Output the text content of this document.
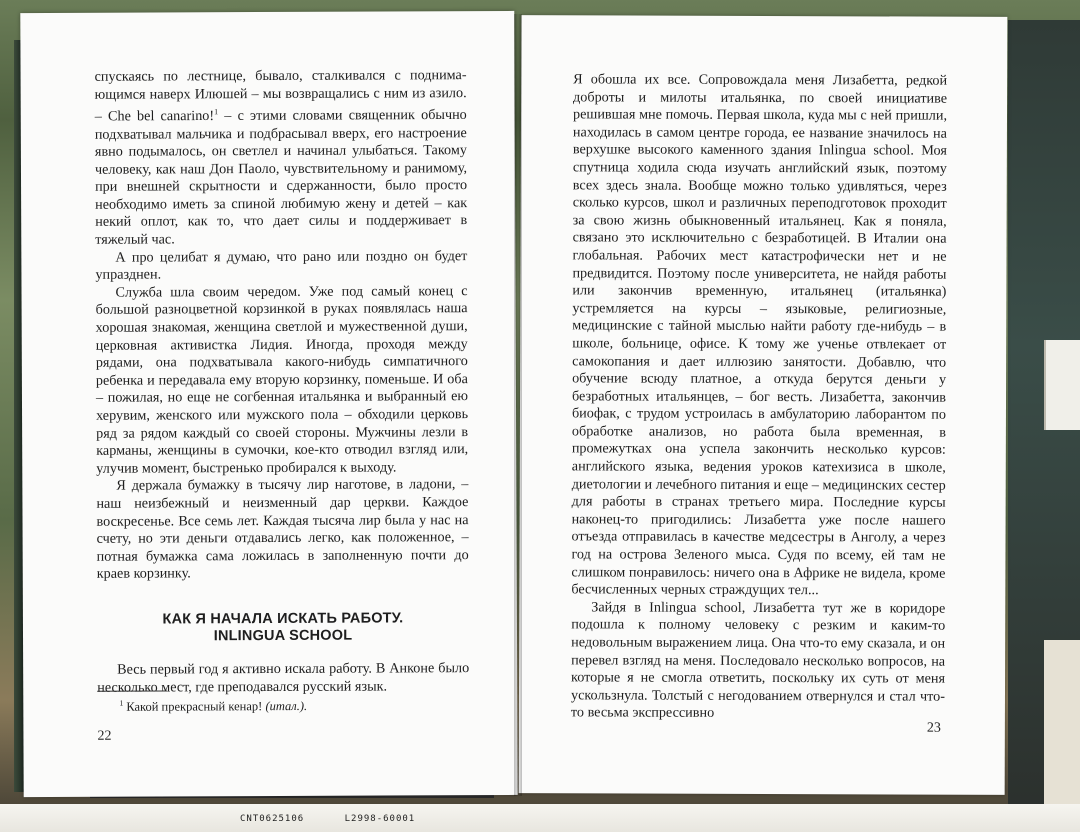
спускаясь по лестнице, бывало, сталкивался с поднимающимся наверх Илюшей – мы возвращались с ним из азило. – Che bel canarino!$^1$ – с этими словами священник обычно подхватывал мальчика и подбрасывал вверх, его настроение явно подымалось, он светлел и начинал улыбаться. Такому человеку, как наш Дон Паоло, чувствительному и ранимому, при внешней скрытности и сдержанности, было просто необходимо иметь за спиной любимую жену и детей – как некий оплот, как то, что дает силы и поддерживает в тяжелый час.

А про целибат я думаю, что рано или поздно он будет упразднен.

Служба шла своим чередом. Уже под самый конец с большой разноцветной корзинкой в руках появлялась наша хорошая знакомая, женщина светлой и мужественной души, церковная активистка Лидия. Иногда, проходя между рядами, она подхватывала какого-нибудь симпатичного ребенка и передавала ему вторую корзинку, поменьше. И оба – пожилая, но еще не согбенная итальянка и выбранный ею херувим, женского или мужского пола – обходили церковь ряд за рядом каждый со своей стороны. Мужчины лезли в карманы, женщины в сумочки, кое-кто отводил взгляд или, улучив момент, быстренько пробирался к выходу.

Я держала бумажку в тысячу лир наготове, в ладони, – наш неизбежный и неизменный дар церкви. Каждое воскресенье. Все семь лет. Каждая тысяча лир была у нас на счету, но эти деньги отдавались легко, как положенное, – потная бумажка сама ложилась в заполненную почти до краев корзинку.

КАК Я НАЧАЛА ИСКАТЬ РАБОТУ.
INLINGUA SCHOOL

Весь первый год я активно искала работу. В Анконе было несколько мест, где преподавался русский язык.

$^1$ Какой прекрасный кенар! (итал.).
22

Я обошла их все. Сопровождала меня Лизабетта, редкой доброты и милоты итальянка, по своей инициативе решившая мне помочь. Первая школа, куда мы с ней пришли, находилась в самом центре города, ее название значилось на верхушке высокого каменного здания Inlingua school. Моя спутница ходила сюда изучать английский язык, поэтому всех здесь знала. Вообще можно только удивляться, через сколько курсов, школ и различных переподготовок проходит за свою жизнь обыкновенный итальянец. Как я поняла, связано это исключительно с безработицей. В Италии она глобальная. Рабочих мест катастрофически нет и не предвидится. Поэтому после университета, не найдя работы или закончив временную, итальянец (итальянка) устремляется на курсы – языковые, религиозные, медицинские с тайной мыслью найти работу где-нибудь – в школе, больнице, офисе. К тому же ученье отвлекает от самокопания и дает иллюзию занятости. Добавлю, что обучение всюду платное, а откуда берутся деньги у безработных итальянцев, – бог весть. Лизабетта, закончив биофак, с трудом устроилась в амбулаторию лаборантом по обработке анализов, но работа была временная, в промежутках она успела закончить несколько курсов: английского языка, ведения уроков катехизиса в школе, диетологии и лечебного питания и еще – медицинских сестер для работы в странах третьего мира. Последние курсы наконец-то пригодились: Лизабетта уже после нашего отъезда отправилась в качестве медсестры в Анголу, а через год на острова Зеленого мыса. Судя по всему, ей там не слишком понравилось: ничего она в Африке не видела, кроме бесчисленных черных страждущих тел...

Зайдя в Inlingua school, Лизабетта тут же в коридоре подошла к полному человеку с резким и каким-то недовольным выражением лица. Она что-то ему сказала, и он перевел взгляд на меня. Последовало несколько вопросов, на которые я не смогла ответить, поскольку их суть от меня ускользнула. Толстый с негодованием отвернулся и стал что-то весьма экспрессивно

23
CNT0625106	L2998-60001
